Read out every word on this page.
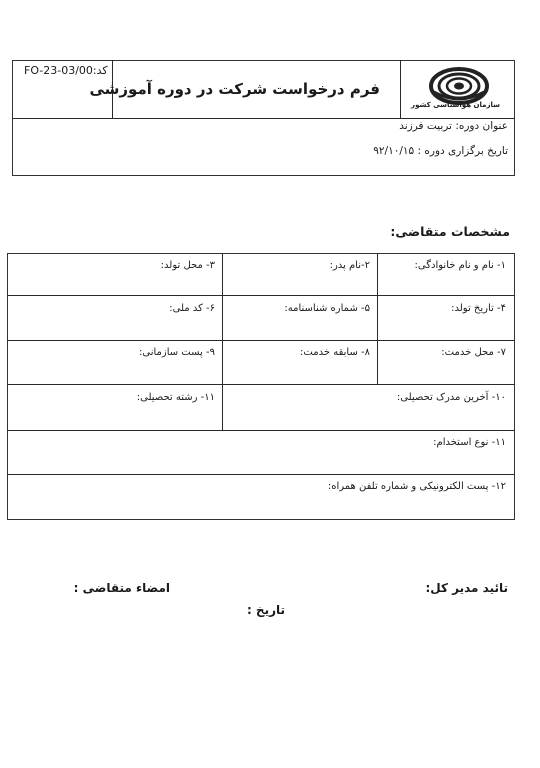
FO-23-03/00:کد
فرم درخواست شرکت در دوره آموزشی
سازمان هواشناسی کشور
عنوان دوره: تربیت فرزند
تاریخ برگزاری دوره : ۹۲/۱۰/۱۵
مشخصات متقاضی:
۱- نام و نام خانوادگی:
۲-نام پدر:
۳- محل تولد:
۴- تاریخ تولد:
۵- شماره شناسنامه:
۶- کد ملی:
۷- محل خدمت:
۸- سابقه خدمت:
۹- پست سازمانی:
۱۰- آخرین مدرک تحصیلی:
۱۱- رشته تحصیلی:
۱۱- نوع استخدام:
۱۲- پست الکترونیکی و شماره تلفن همراه:
تائید مدیر کل:
امضاء متقاضی :
تاریخ :
